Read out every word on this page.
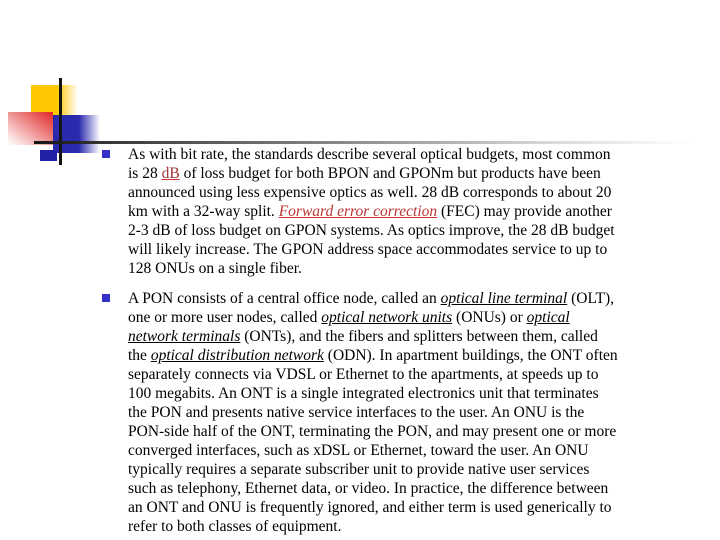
As with bit rate, the standards describe several optical budgets, most common
is 28 dB of loss budget for both BPON and GPONm but products have been
announced using less expensive optics as well. 28 dB corresponds to about 20
km with a 32-way split. Forward error correction (FEC) may provide another
2-3 dB of loss budget on GPON systems. As optics improve, the 28 dB budget
will likely increase. The GPON address space accommodates service to up to
128 ONUs on a single fiber.
A PON consists of a central office node, called an optical line terminal (OLT),
one or more user nodes, called optical network units (ONUs) or optical
network terminals (ONTs), and the fibers and splitters between them, called
the optical distribution network (ODN). In apartment buildings, the ONT often
separately connects via VDSL or Ethernet to the apartments, at speeds up to
100 megabits. An ONT is a single integrated electronics unit that terminates
the PON and presents native service interfaces to the user. An ONU is the
PON-side half of the ONT, terminating the PON, and may present one or more
converged interfaces, such as xDSL or Ethernet, toward the user. An ONU
typically requires a separate subscriber unit to provide native user services
such as telephony, Ethernet data, or video. In practice, the difference between
an ONT and ONU is frequently ignored, and either term is used generically to
refer to both classes of equipment.
